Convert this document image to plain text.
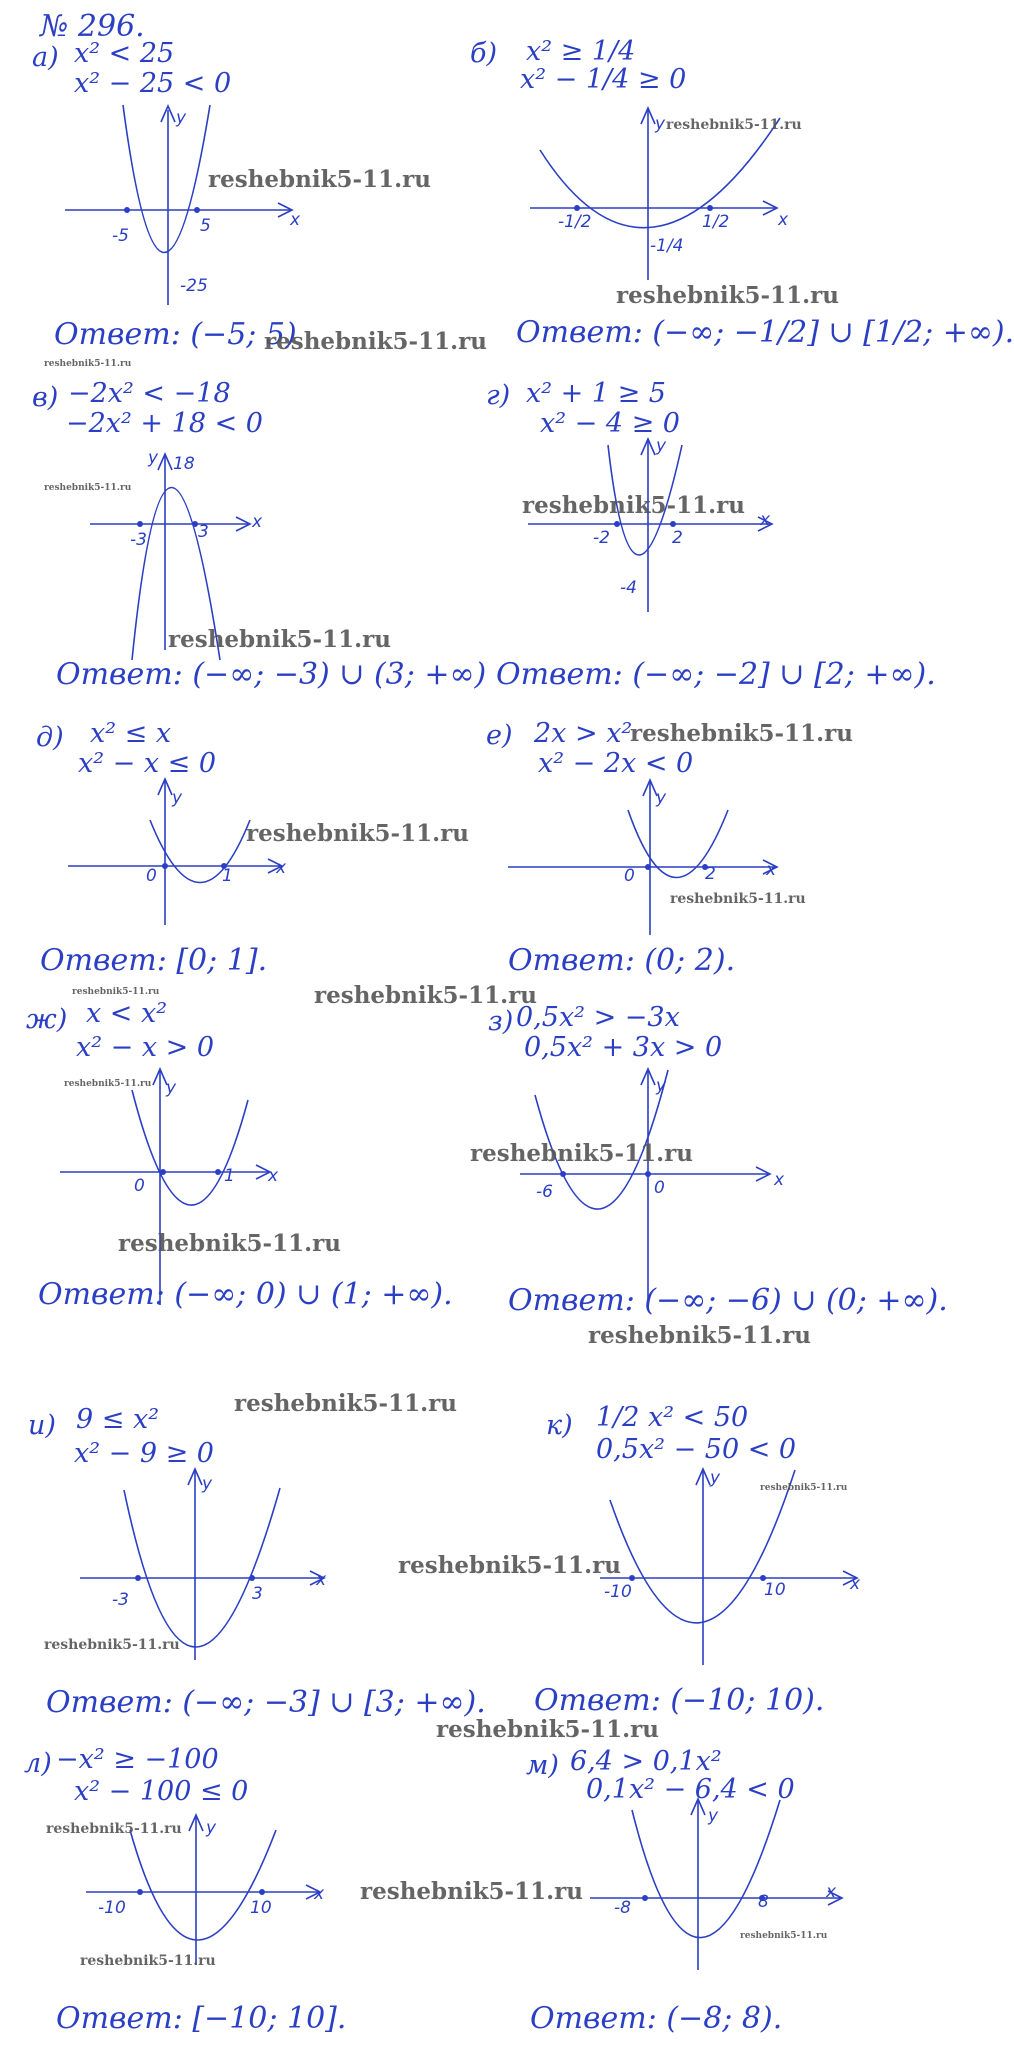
№ 296.
а) x² < 25
x² − 25 < 0
x
y
-5	5
-25
Ответ: (−5; 5)
б) x² ≥ 1/4
x² − 1/4 ≥ 0
x
y
-1/2	1/2
-1/4
Ответ: (−∞; −1/2] ∪ [1/2; +∞).
в) −2x² < −18
−2x² + 18 < 0
x
y
-3	3
18
Ответ: (−∞; −3) ∪ (3; +∞)
г) x² + 1 ≥ 5
x² − 4 ≥ 0
x
y
-2	2
-4
Ответ: (−∞; −2] ∪ [2; +∞).
д) x² ≤ x
x² − x ≤ 0
x
y
0	1
Ответ: [0; 1].
е) 2x > x²
x² − 2x < 0
x
y
0	2
Ответ: (0; 2).
ж) x < x²
x² − x > 0
x
y
0	1
Ответ: (−∞; 0) ∪ (1; +∞).
з) 0,5x² > −3x
0,5x² + 3x > 0
x
y
-6	0
Ответ: (−∞; −6) ∪ (0; +∞).
и) 9 ≤ x²
x² − 9 ≥ 0
x
y
-3	3
Ответ: (−∞; −3] ∪ [3; +∞).
к) 1/2 x² < 50
0,5x² − 50 < 0
x
y
-10	10
Ответ: (−10; 10).
л) −x² ≥ −100
x² − 100 ≤ 0
x
y
-10	10
Ответ: [−10; 10].
м) 6,4 > 0,1x²
0,1x² − 6,4 < 0
x
y
-8	8
Ответ: (−8; 8).
reshebnik5-11.ru
reshebnik5-11.ru
reshebnik5-11.ru
reshebnik5-11.ru
reshebnik5-11.ru
reshebnik5-11.ru
reshebnik5-11.ru
reshebnik5-11.ru
reshebnik5-11.ru
reshebnik5-11.ru
reshebnik5-11.ru
reshebnik5-11.ru	reshebnik5-11.ru
reshebnik5-11.ru
reshebnik5-11.ru
reshebnik5-11.ru
reshebnik5-11.ru
reshebnik5-11.ru
reshebnik5-11.ru
reshebnik5-11.ru
reshebnik5-11.ru
reshebnik5-11.ru
reshebnik5-11.ru
reshebnik5-11.ru
reshebnik5-11.ru
reshebnik5-11.ru
